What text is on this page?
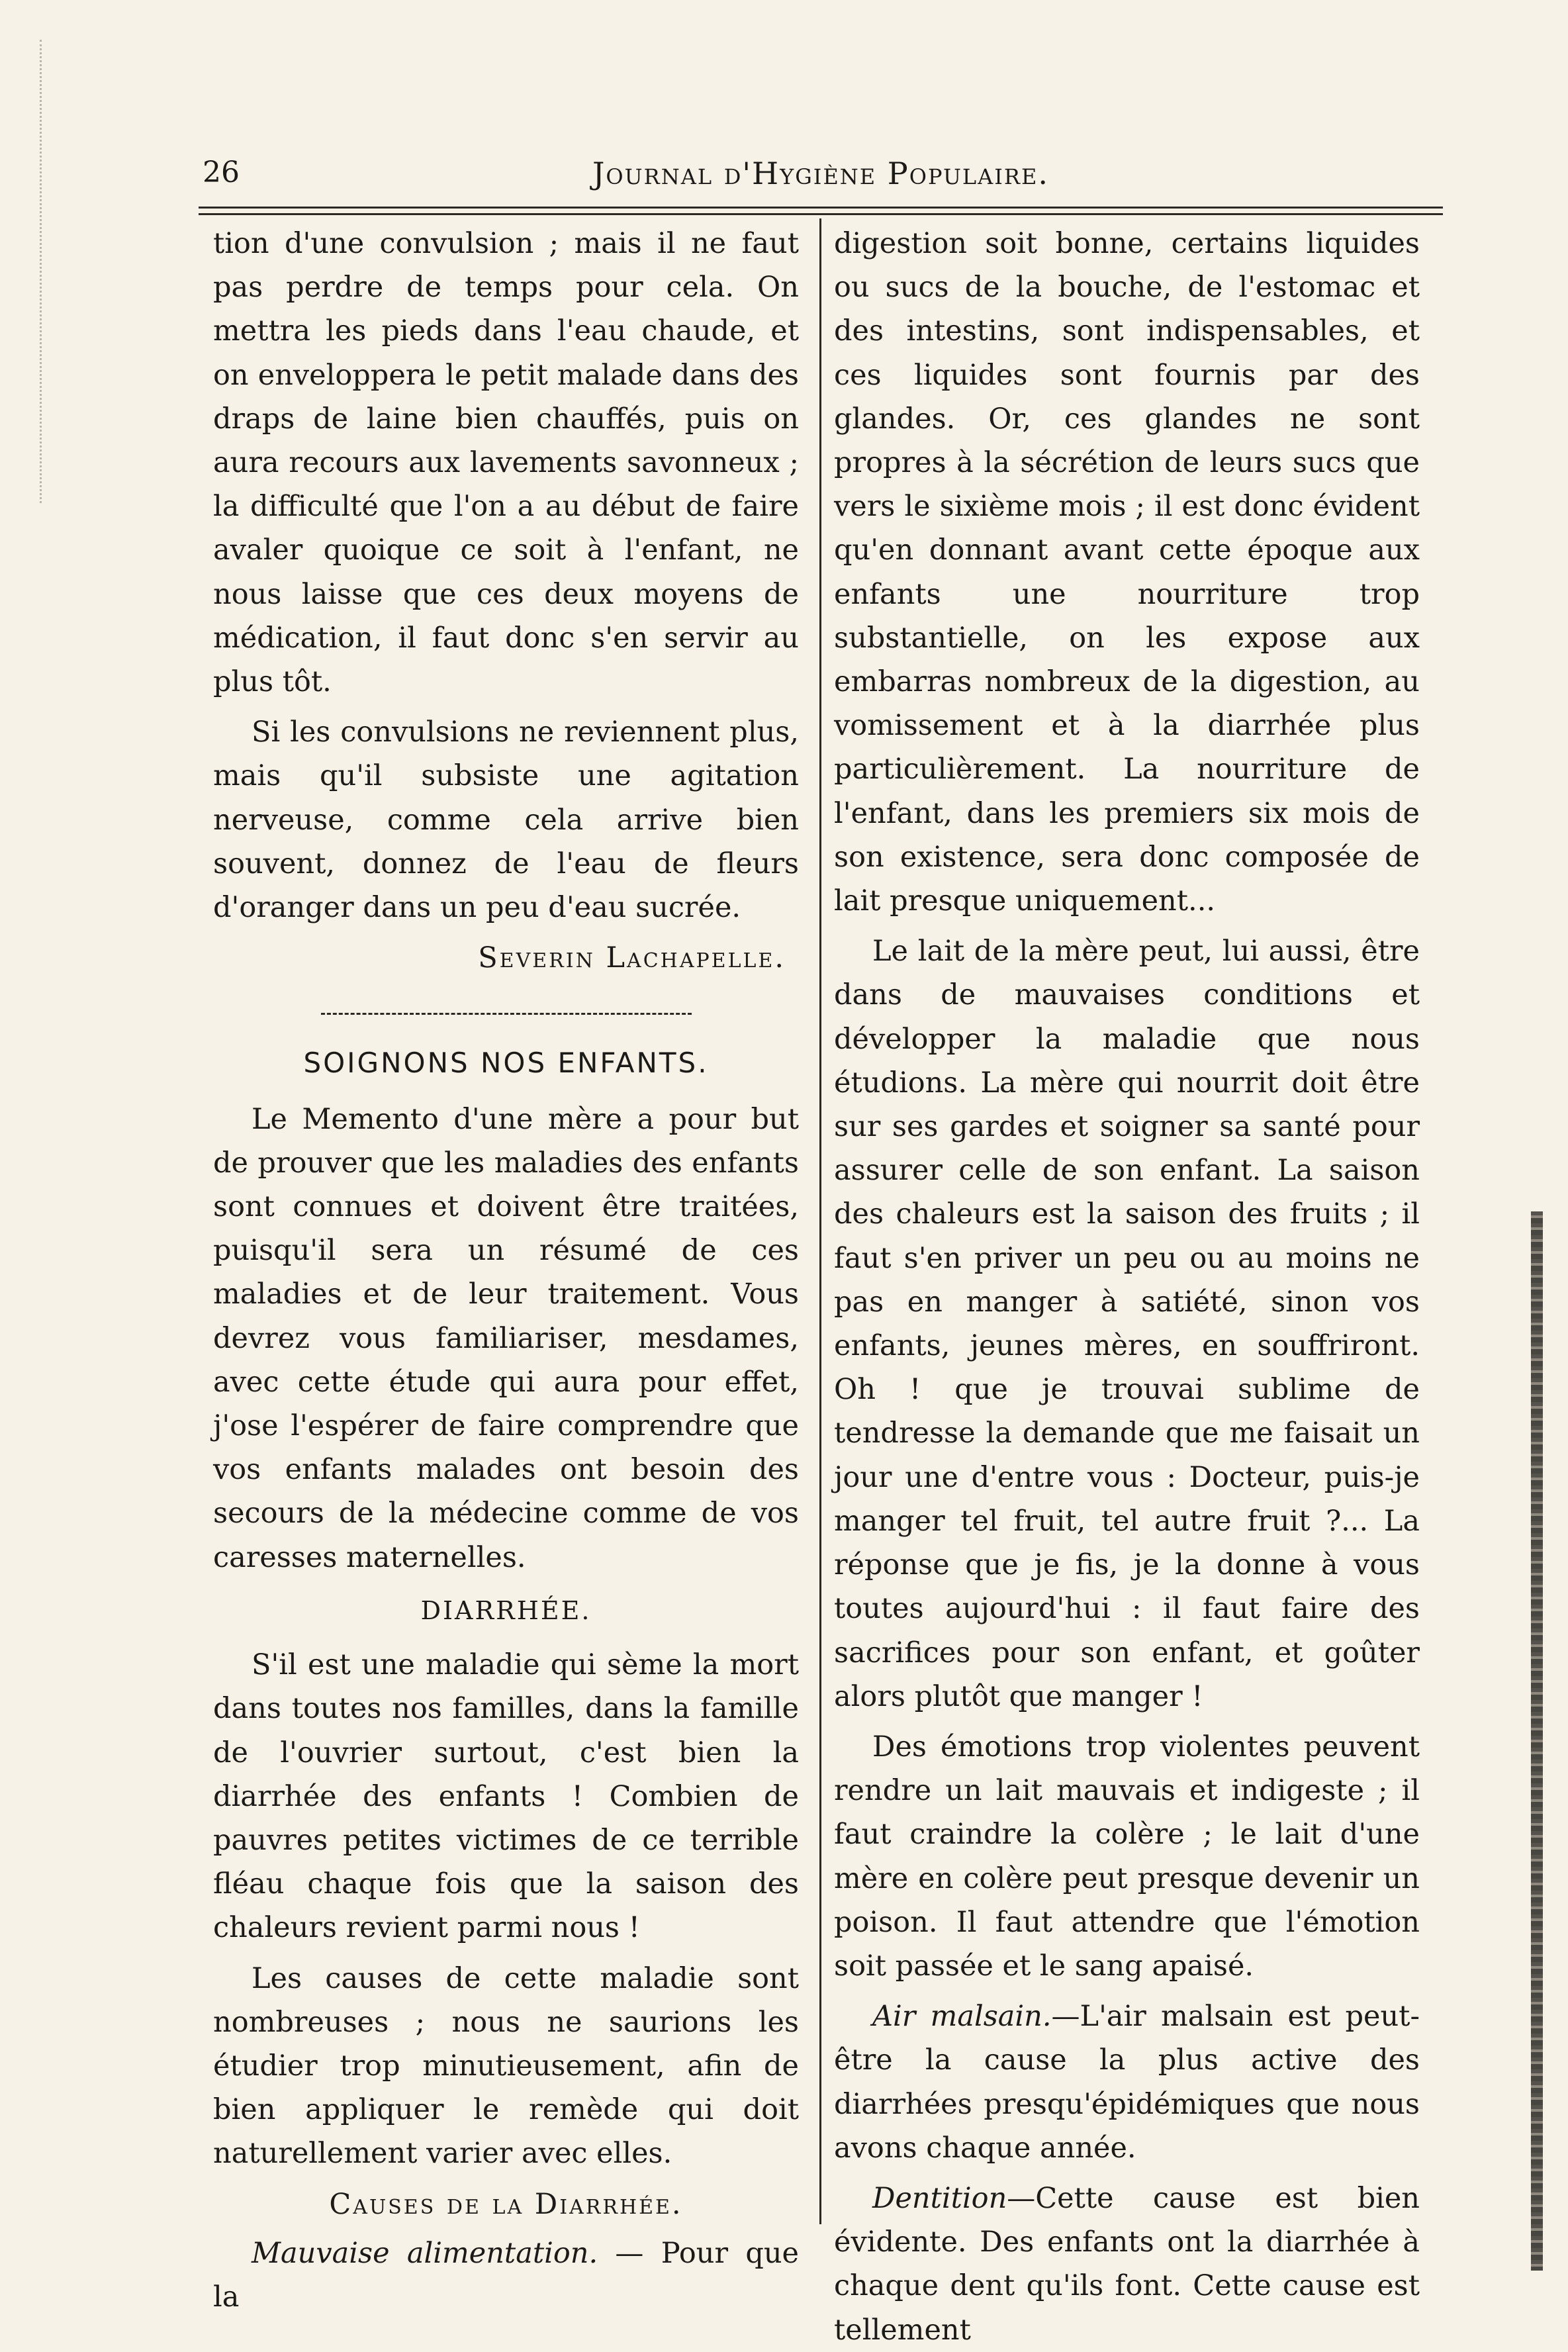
26	Journal d'Hygiène Populaire.

tion d'une convulsion ; mais il ne faut pas perdre de temps pour cela. On mettra les pieds dans l'eau chaude, et on enveloppera le petit malade dans des draps de laine bien chauffés, puis on aura recours aux lavements savonneux ; la difficulté que l'on a au début de faire avaler quoique ce soit à l'enfant, ne nous laisse que ces deux moyens de médication, il faut donc s'en servir au plus tôt.

Si les convulsions ne reviennent plus, mais qu'il subsiste une agitation nerveuse, comme cela arrive bien souvent, donnez de l'eau de fleurs d'oranger dans un peu d'eau sucrée.

Severin Lachapelle.

SOIGNONS NOS ENFANTS.

Le Memento d'une mère a pour but de prouver que les maladies des enfants sont connues et doivent être traitées, puisqu'il sera un résumé de ces maladies et de leur traitement. Vous devrez vous familiariser, mesdames, avec cette étude qui aura pour effet, j'ose l'espérer de faire comprendre que vos enfants malades ont besoin des secours de la médecine comme de vos caresses maternelles.

DIARRHÉE.

S'il est une maladie qui sème la mort dans toutes nos familles, dans la famille de l'ouvrier surtout, c'est bien la diarrhée des enfants ! Combien de pauvres petites victimes de ce terrible fléau chaque fois que la saison des chaleurs revient parmi nous !

Les causes de cette maladie sont nombreuses ; nous ne saurions les étudier trop minutieusement, afin de bien appliquer le remède qui doit naturellement varier avec elles.

Causes de la Diarrhée.

Mauvaise alimentation. — Pour que la

digestion soit bonne, certains liquides ou sucs de la bouche, de l'estomac et des intestins, sont indispensables, et ces liquides sont fournis par des glandes. Or, ces glandes ne sont propres à la sécrétion de leurs sucs que vers le sixième mois ; il est donc évident qu'en donnant avant cette époque aux enfants une nourriture trop substantielle, on les expose aux embarras nombreux de la digestion, au vomissement et à la diarrhée plus particulièrement. La nourriture de l'enfant, dans les premiers six mois de son existence, sera donc composée de lait presque uniquement...

Le lait de la mère peut, lui aussi, être dans de mauvaises conditions et développer la maladie que nous étudions. La mère qui nourrit doit être sur ses gardes et soigner sa santé pour assurer celle de son enfant. La saison des chaleurs est la saison des fruits ; il faut s'en priver un peu ou au moins ne pas en manger à satiété, sinon vos enfants, jeunes mères, en souffriront. Oh ! que je trouvai sublime de tendresse la demande que me faisait un jour une d'entre vous : Docteur, puis-je manger tel fruit, tel autre fruit ?... La réponse que je fis, je la donne à vous toutes aujourd'hui : il faut faire des sacrifices pour son enfant, et goûter alors plutôt que manger !

Des émotions trop violentes peuvent rendre un lait mauvais et indigeste ; il faut craindre la colère ; le lait d'une mère en colère peut presque devenir un poison. Il faut attendre que l'émotion soit passée et le sang apaisé.

Air malsain.—L'air malsain est peut-être la cause la plus active des diarrhées presqu'épidémiques que nous avons chaque année.

Dentition—Cette cause est bien évidente. Des enfants ont la diarrhée à chaque dent qu'ils font. Cette cause est tellement
